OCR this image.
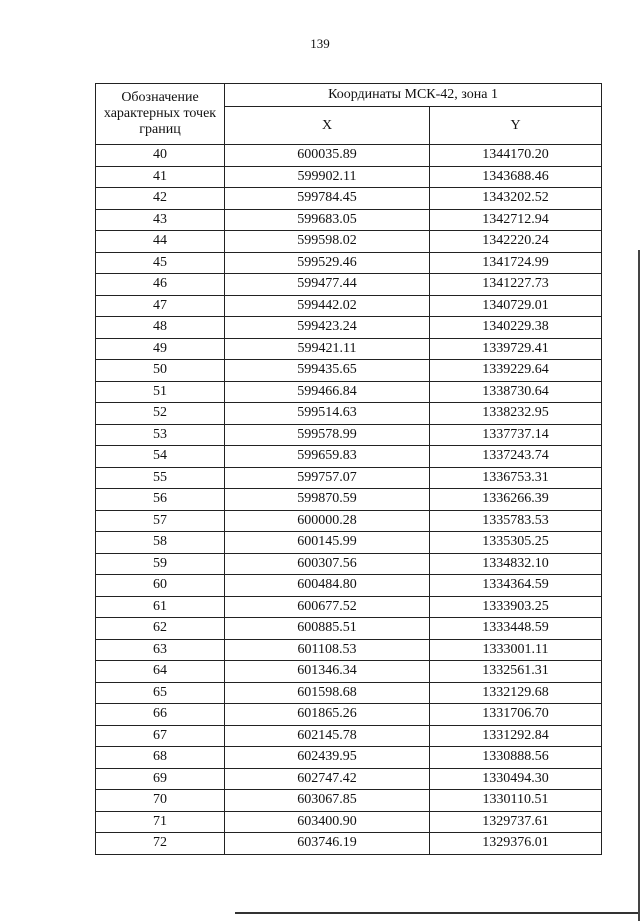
139
Обозначение характерных точек границ	Координаты МСК-42, зона 1	
	X	Y
40	600035.89	1344170.20
41	599902.11	1343688.46
42	599784.45	1343202.52
43	599683.05	1342712.94
44	599598.02	1342220.24
45	599529.46	1341724.99
46	599477.44	1341227.73
47	599442.02	1340729.01
48	599423.24	1340229.38
49	599421.11	1339729.41
50	599435.65	1339229.64
51	599466.84	1338730.64
52	599514.63	1338232.95
53	599578.99	1337737.14
54	599659.83	1337243.74
55	599757.07	1336753.31
56	599870.59	1336266.39
57	600000.28	1335783.53
58	600145.99	1335305.25
59	600307.56	1334832.10
60	600484.80	1334364.59
61	600677.52	1333903.25
62	600885.51	1333448.59
63	601108.53	1333001.11
64	601346.34	1332561.31
65	601598.68	1332129.68
66	601865.26	1331706.70
67	602145.78	1331292.84
68	602439.95	1330888.56
69	602747.42	1330494.30
70	603067.85	1330110.51
71	603400.90	1329737.61
72	603746.19	1329376.01
